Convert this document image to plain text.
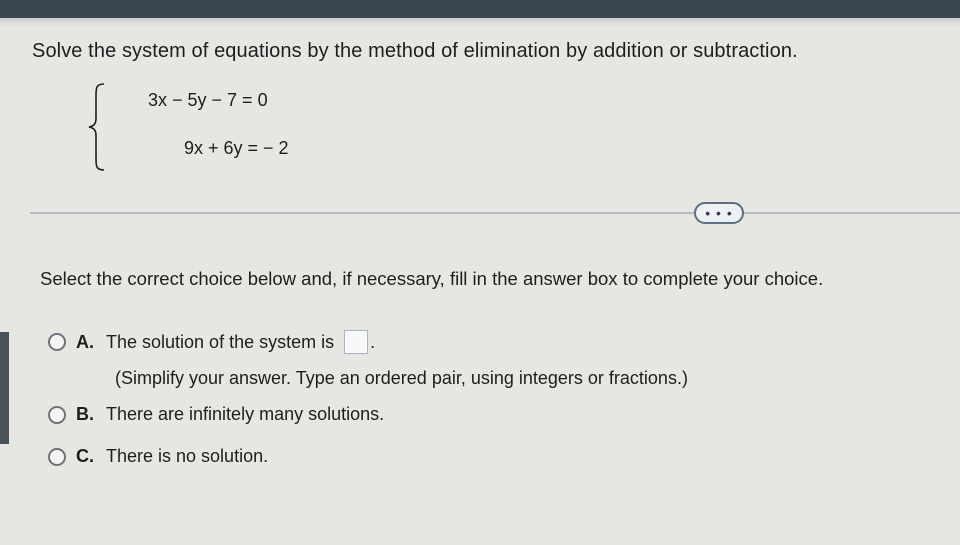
Solve the system of equations by the method of elimination by addition or subtraction.
3x − 5y − 7 = 0
9x + 6y = − 2
• • •
Select the correct choice below and, if necessary, fill in the answer box to complete your choice.
A. The solution of the system is .
(Simplify your answer. Type an ordered pair, using integers or fractions.)
B. There are infinitely many solutions.
C. There is no solution.
